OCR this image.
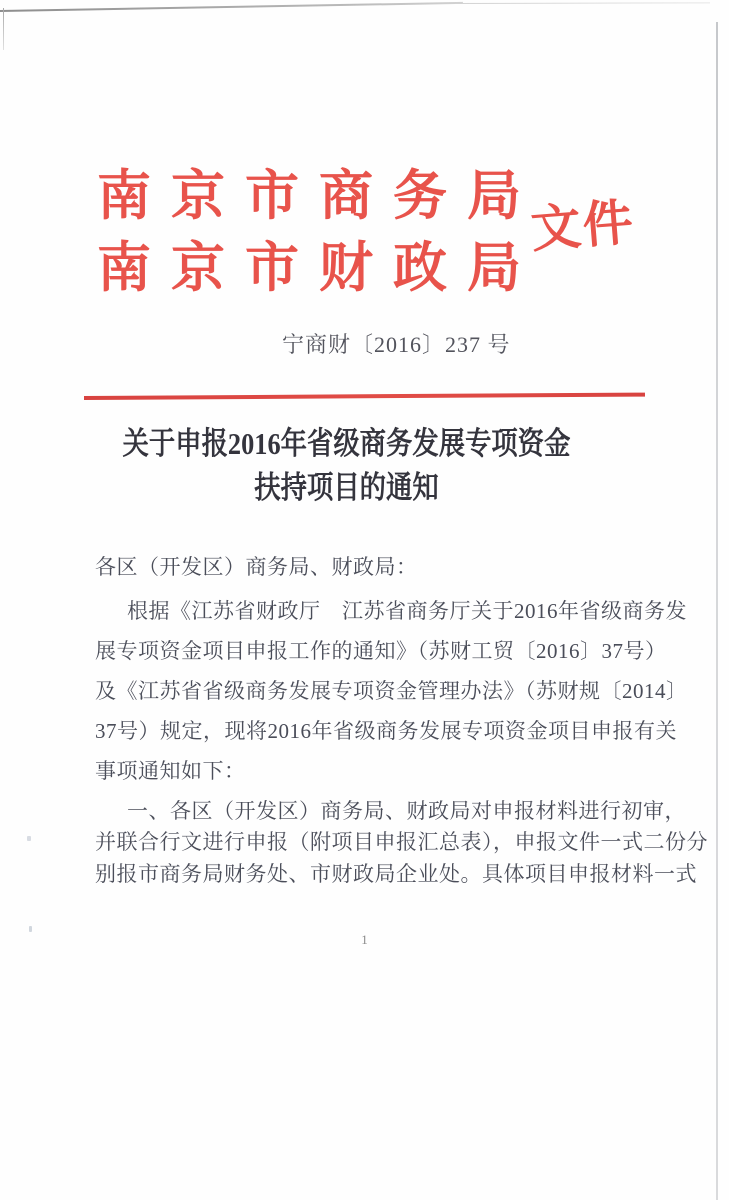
南京市商务局
南京市财政局
文件
宁商财〔2016〕237 号
关于申报2016年省级商务发展专项资金
扶持项目的通知
各区（开发区）商务局、财政局：
根据《江苏省财政厅　江苏省商务厅关于2016年省级商务发
展专项资金项目申报工作的通知》（苏财工贸〔2016〕37号）
及《江苏省省级商务发展专项资金管理办法》（苏财规〔2014〕
37号）规定，现将2016年省级商务发展专项资金项目申报有关
事项通知如下：
一、各区（开发区）商务局、财政局对申报材料进行初审，
并联合行文进行申报（附项目申报汇总表），申报文件一式二份分
别报市商务局财务处、市财政局企业处。具体项目申报材料一式
1
